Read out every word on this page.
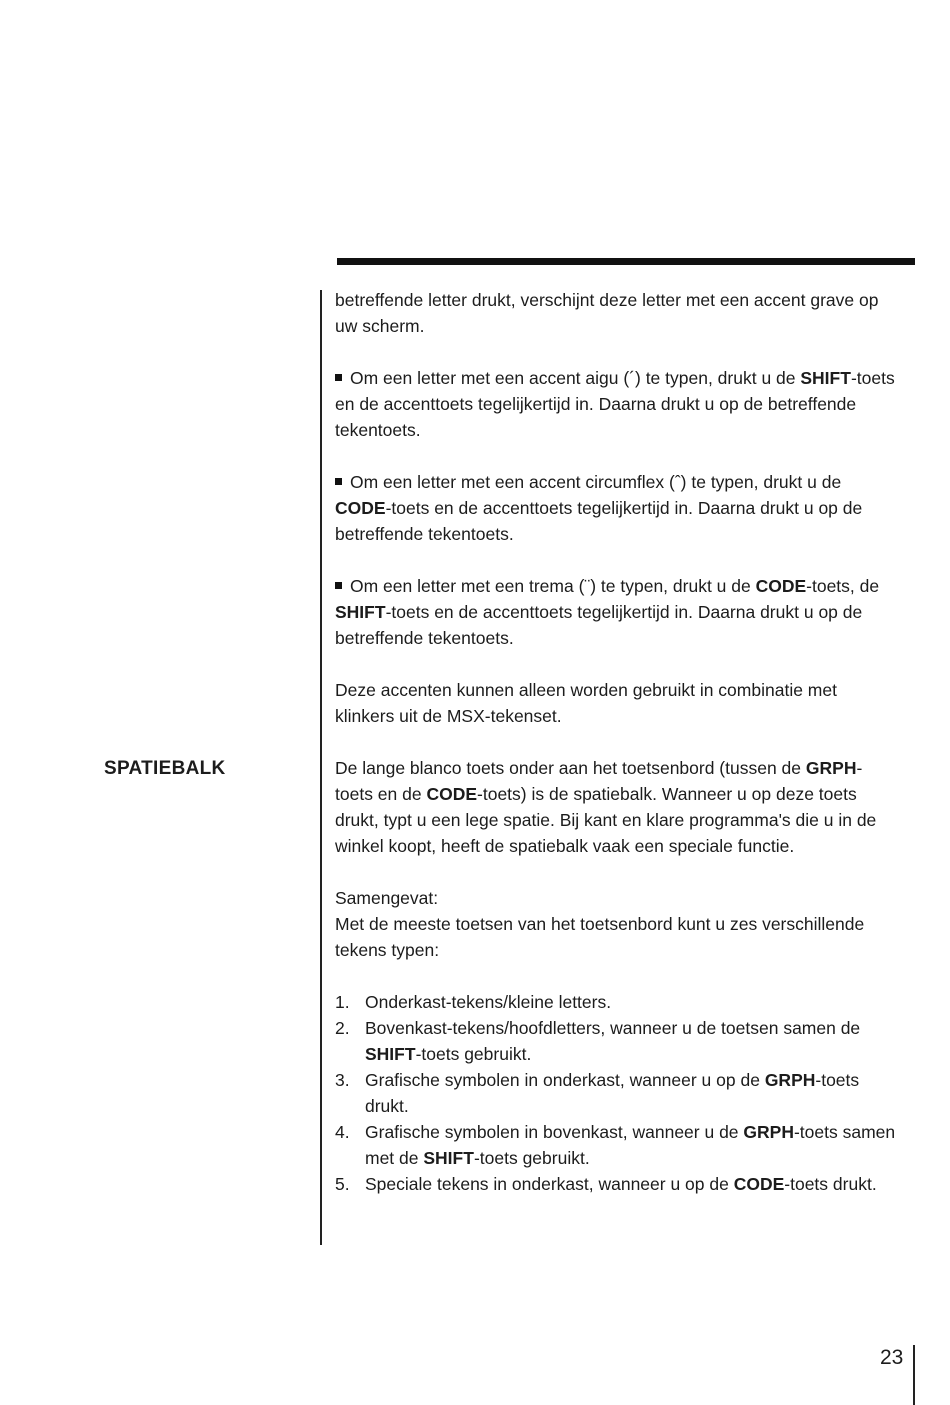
SPATIEBALK

betreffende letter drukt, verschijnt deze letter met een accent grave op uw scherm.

Om een letter met een accent aigu (´) te typen, drukt u de SHIFT-toets en de accenttoets tegelijkertijd in. Daarna drukt u op de betreffende tekentoets.

Om een letter met een accent circumflex (ˆ) te typen, drukt u de CODE-toets en de accenttoets tegelijkertijd in. Daarna drukt u op de betreffende tekentoets.

Om een letter met een trema (¨) te typen, drukt u de CODE-toets, de SHIFT-toets en de accenttoets tegelijkertijd in. Daarna drukt u op de betreffende tekentoets.

Deze accenten kunnen alleen worden gebruikt in combinatie met klinkers uit de MSX-tekenset.

De lange blanco toets onder aan het toetsenbord (tussen de GRPH-toets en de CODE-toets) is de spatiebalk. Wanneer u op deze toets drukt, typt u een lege spatie. Bij kant en klare programma's die u in de winkel koopt, heeft de spatiebalk vaak een speciale functie.

Samengevat:
Met de meeste toetsen van het toetsenbord kunt u zes verschillende tekens typen:

1. Onderkast-tekens/kleine letters.
2. Bovenkast-tekens/hoofdletters, wanneer u de toetsen samen de SHIFT-toets gebruikt.
3. Grafische symbolen in onderkast, wanneer u op de GRPH-toets drukt.
4. Grafische symbolen in bovenkast, wanneer u de GRPH-toets samen met de SHIFT-toets gebruikt.
5. Speciale tekens in onderkast, wanneer u op de CODE-toets drukt.
23
